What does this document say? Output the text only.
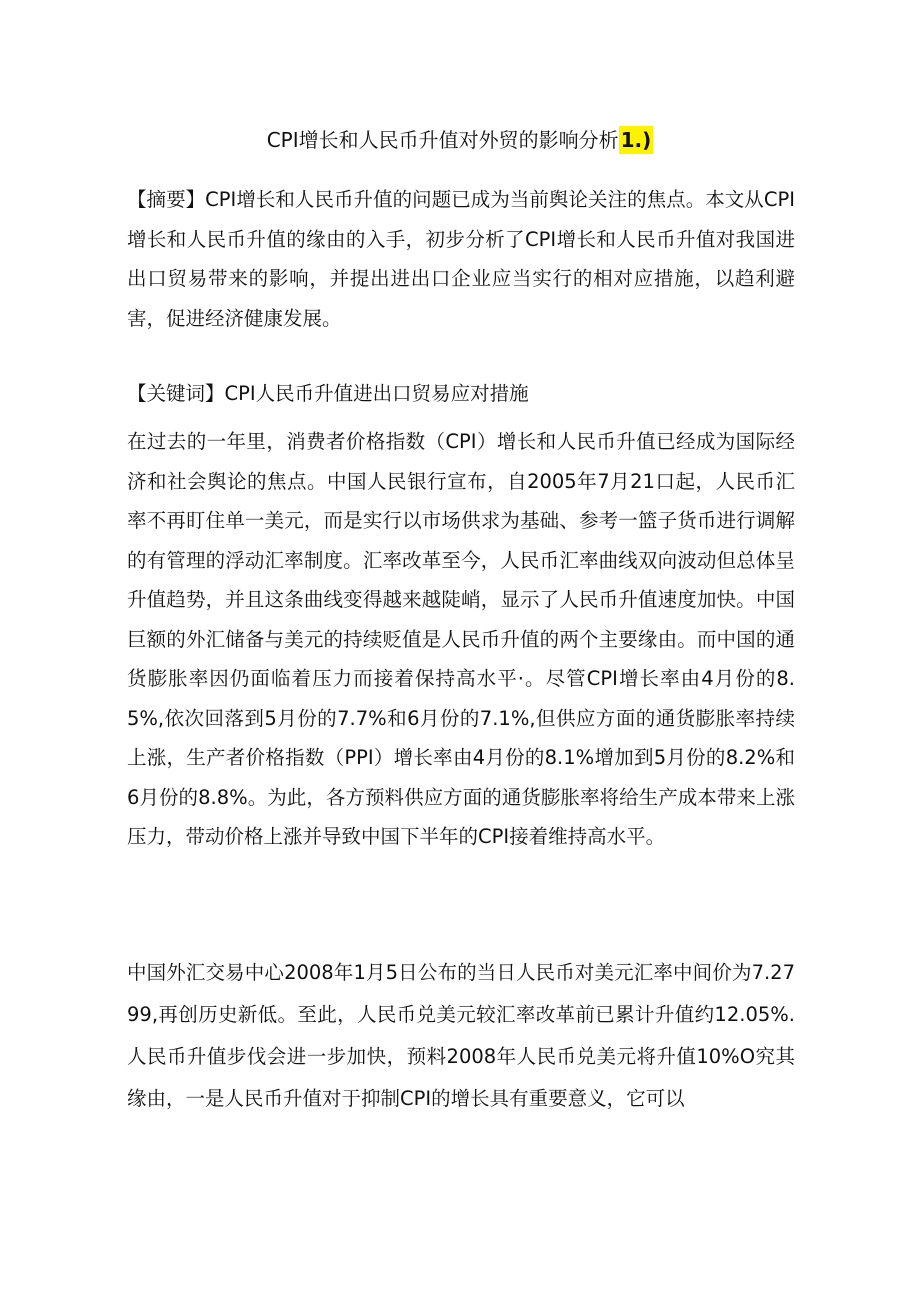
CPI增长和人民币升值对外贸的影响分析 1.)

【摘要】CPI增长和人民币升值的问题已成为当前舆论关注的焦点。本文从CPI增长和人民币升值的缘由的入手，初步分析了CPI增长和人民币升值对我国进出口贸易带来的影响，并提出进出口企业应当实行的相对应措施，以趋利避害，促进经济健康发展。

【关键词】CPI人民币升值进出口贸易应对措施

在过去的一年里，消费者价格指数（CPI）增长和人民币升值已经成为国际经济和社会舆论的焦点。中国人民银行宣布，自2005年7月21口起，人民币汇率不再盯住单一美元，而是实行以市场供求为基础、参考一篮子货币进行调解的有管理的浮动汇率制度。汇率改革至今，人民币汇率曲线双向波动但总体呈升值趋势，并且这条曲线变得越来越陡峭，显示了人民币升值速度加快。中国巨额的外汇储备与美元的持续贬值是人民币升值的两个主要缘由。而中国的通货膨胀率因仍面临着压力而接着保持高水平·。尽管CPI增长率由4月份的8.5%,依次回落到5月份的7.7%和6月份的7.1%,但供应方面的通货膨胀率持续上涨，生产者价格指数（PPI）增长率由4月份的8.1%增加到5月份的8.2%和6月份的8.8%。为此，各方预料供应方面的通货膨胀率将给生产成本带来上涨压力，带动价格上涨并导致中国下半年的CPI接着维持高水平。

中国外汇交易中心2008年1月5日公布的当日人民币对美元汇率中间价为7.2799,再创历史新低。至此，人民币兑美元较汇率改革前已累计升值约12.05%.人民币升值步伐会进一步加快，预料2008年人民币兑美元将升值10%O究其缘由，一是人民币升值对于抑制CPI的增长具有重要意义，它可以
